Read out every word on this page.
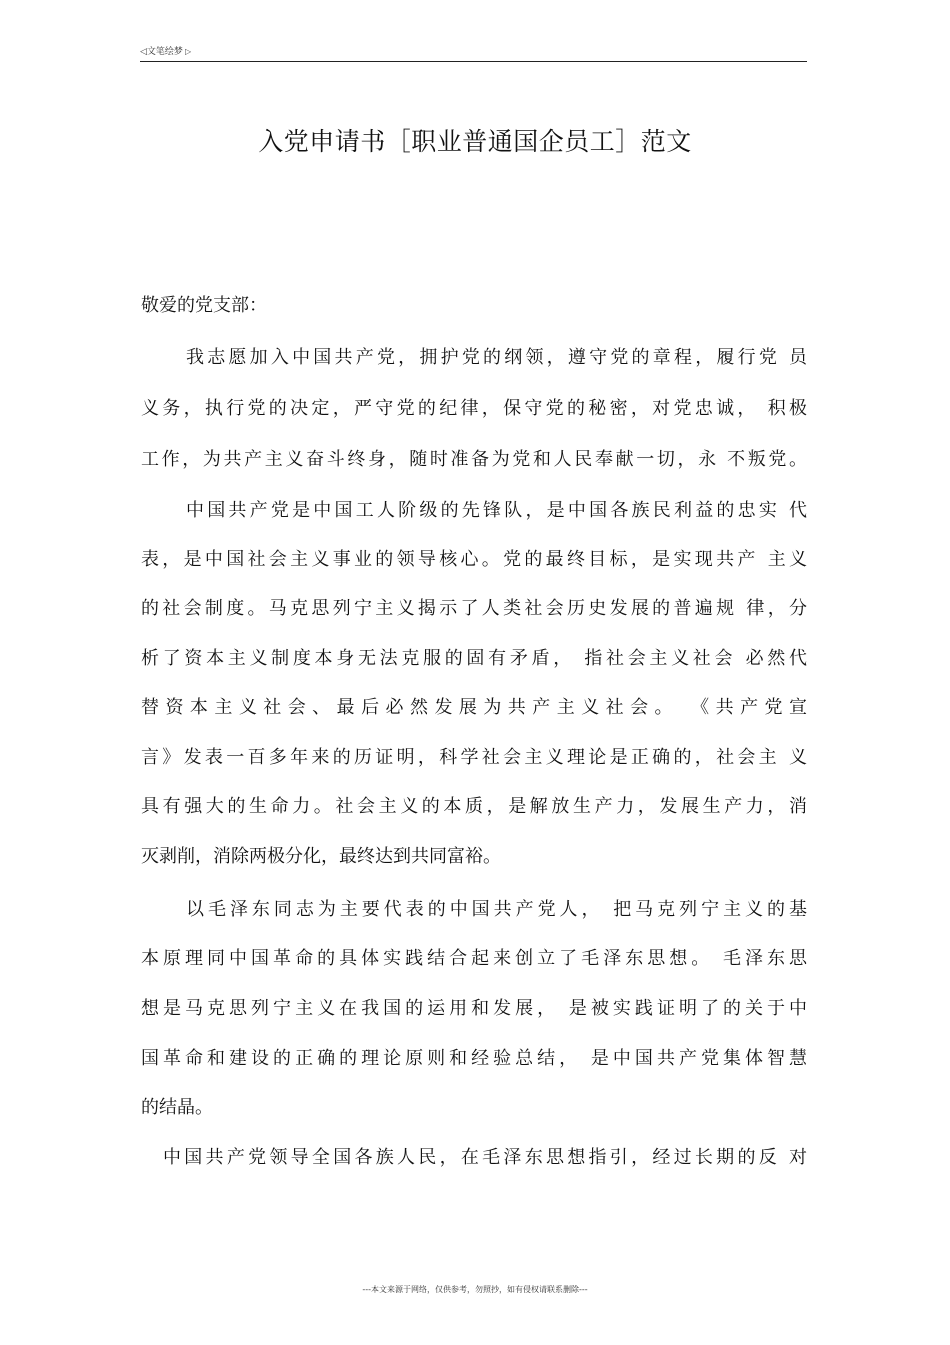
◁文笔绘梦 ▷
入党申请书［职业普通国企员工］范文
敬爱的党支部：
我志愿加入中国共产党，拥护党的纲领，遵守党的章程，履行党 员
义务，执行党的决定，严守党的纪律，保守党的秘密，对党忠诚， 积极
工作，为共产主义奋斗终身，随时准备为党和人民奉献一切，永 不叛党。
中国共产党是中国工人阶级的先锋队，是中国各族民利益的忠实 代
表，是中国社会主义事业的领导核心。党的最终目标，是实现共产 主义
的社会制度。马克思列宁主义揭示了人类社会历史发展的普遍规 律，分
析了资本主义制度本身无法克服的固有矛盾， 指社会主义社会 必然代
替资本主义社会、最后必然发展为共产主义社会。 《共产党宣
言》发表一百多年来的历证明，科学社会主义理论是正确的，社会主 义
具有强大的生命力。社会主义的本质，是解放生产力，发展生产力，消
灭剥削，消除两极分化，最终达到共同富裕。
以毛泽东同志为主要代表的中国共产党人， 把马克列宁主义的基
本原理同中国革命的具体实践结合起来创立了毛泽东思想。 毛泽东思
想是马克思列宁主义在我国的运用和发展， 是被实践证明了的关于中
国革命和建设的正确的理论原则和经验总结， 是中国共产党集体智慧
的结晶。
中国共产党领导全国各族人民，在毛泽东思想指引，经过长期的反 对
---本文来源于网络，仅供参考，勿照抄，如有侵权请联系删除---
